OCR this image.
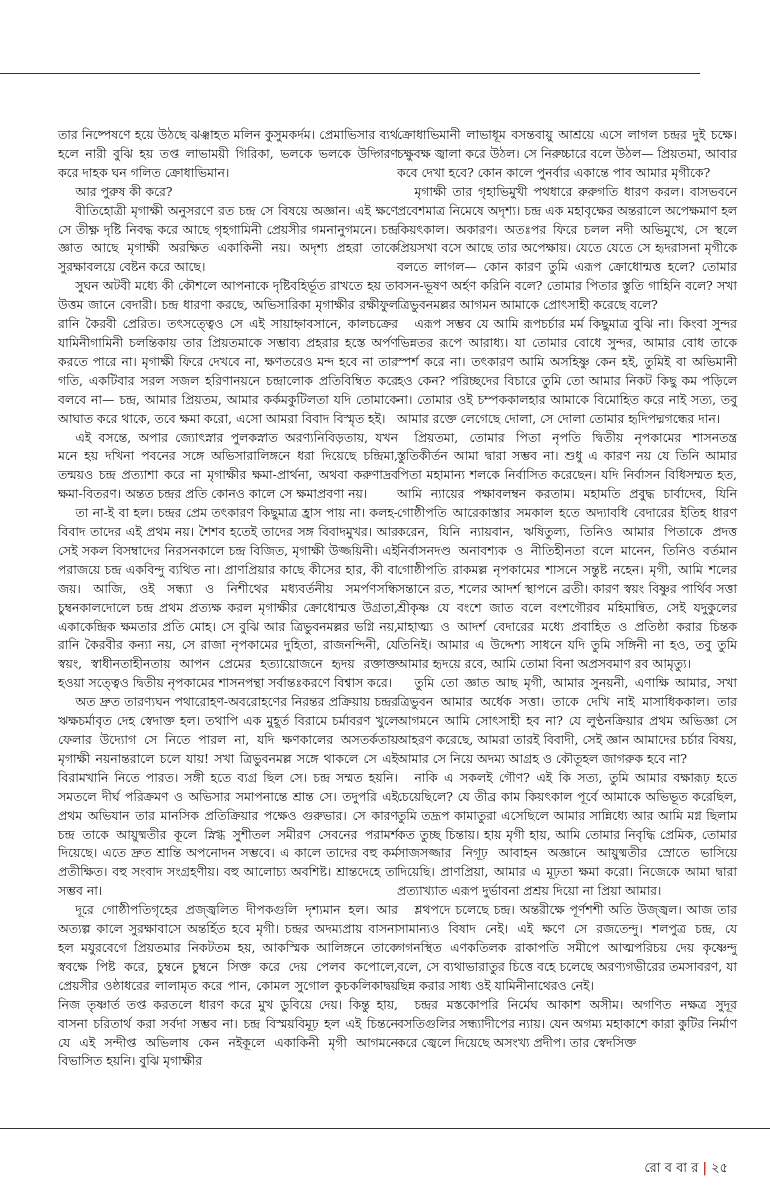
তার নিষ্পেষণে হয়ে উঠছে ঝঞ্ঝাহত মলিন কুসুমকর্দম। প্রেমাভিসার ব্যর্থ হলে নারী বুঝি হয় তপ্ত লাভাময়ী গিরিকা, ভলকে ভলকে উদ্গিরণ করে দাহক ঘন গলিত ক্রোধাভিমান।

আর পুরুষ কী করে?

বীতিহোত্রী মৃগাক্ষী অনুসরণে রত চন্দ্র সে বিষয়ে অজ্ঞান। এই ক্ষণে সে তীক্ষ্ণ দৃষ্টি নিবদ্ধ করে আছে গৃহগামিনী প্রেয়সীর গমনানুগমনে। চন্দ্র জ্ঞাত আছে মৃগাক্ষী অরক্ষিত একাকিনী নয়। অদৃশ্য প্রহরা তাকে সুরক্ষাবলয়ে বেষ্টন করে আছে।

সুঘন অটবী মধ্যে কী কৌশলে আপনাকে দৃষ্টিবহির্ভূত রাখতে হয় তা উত্তম জানে বেদারী। চন্দ্র ধারণা করছে, অভিসারিকা মৃগাক্ষীর রক্ষীফুল রানি কৈরবী প্রেরিত। তৎসত্ত্বেও সে এই সায়াহ্নাবসানে, কালচক্রের যামিনীগামিনী চলন্তিকায় তার প্রিয়তমাকে সম্ভাব্য প্রহরার হস্তে অর্পণ করতে পারে না। মৃগাক্ষী ফিরে দেখবে না, ক্ষণতরেও মন্দ হবে না তার গতি, একটিবার সরল সজল হরিণানয়নে চন্দ্রালোক প্রতিবিম্বিত করে বলবে না— চন্দ্র, আমার প্রিয়তম, আমার কর্কমকুটিলতা যদি তোমাকে আঘাত করে থাকে, তবে ক্ষমা করো, এসো আমরা বিবাদ বিস্মৃত হই।

এই বসন্তে, অপার জ্যোৎস্নার পুলকস্নাত অরণ্যনিবিড়তায়, যখন মনে হয় দখিনা পবনের সঙ্গে অভিসারালিঙ্গনে ধরা দিয়েছে চন্দ্রিমা, তন্ময়ও চন্দ্র প্রত্যাশা করে না মৃগাক্ষীর ক্ষমা-প্রার্থনা, অথবা করুণাদ্রব ক্ষমা-বিতরণ। অন্তত চন্দ্রর প্রতি কোনও কালে সে ক্ষমাপ্রবণা নয়।

তা না-ই বা হল। চন্দ্রর প্রেম তৎকারণ কিছুমাত্র হ্রাস পায় না। কলহ-বিবাদ তাদের এই প্রথম নয়। শৈশব হতেই তাদের সঙ্গ বিবাদমুখর। আর সেই সকল বিসম্বাদের নিরসনকালে চন্দ্র বিজিত, মৃগাক্ষী উজ্জয়িনী। এই পরাজয়ে চন্দ্র একবিন্দু ব্যথিত না। প্রাণপ্রিয়ার কাছে কীসের হার, কী বা জয়। আজি, ওই সন্ধ্যা ও নিশীথের মধ্যবর্তনীয় সমর্পণসন্ধি চুম্বনকালদোলে চন্দ্র প্রথম প্রত্যক্ষ করল মৃগাক্ষীর ক্রোধোন্মত্ত উগ্রতা, একাকেন্দ্রিক ক্ষমতার প্রতি মোহ। সে বুঝি আর ত্রিভুবনমল্লর ভগ্নি নয়, রানি কৈরবীর কন্যা নয়, সে রাজা নৃপকামের দুহিতা, রাজনন্দিনী, যে স্বয়ং, স্বাধীনতাহীনতায় আপন প্রেমের হত্যায়োজনে হৃদয় রক্তাক্ত হওয়া সত্ত্বেও দ্বিতীয় নৃপকামের শাসনপন্থা সর্বান্তঃকরণে বিশ্বাস করে।

অত দ্রুত তারণ্যঘন পথারোহণ-অবরোহণের নিরন্তর প্রক্রিয়ায় চন্দ্রর ঋক্ষচর্মাবৃত দেহ স্বেদাক্ত হল। তথাপি এক মুহূর্ত বিরামে চর্মাবরণ খুলে ফেলার উদ্যোগ সে নিতে পারল না, যদি ক্ষণকালের অসতর্কতায় মৃগাক্ষী নয়নান্তরালে চলে যায়! সখা ত্রিভুবনমল্ল সঙ্গে থাকলে সে এই বিরামখানি নিতে পারত। সঙ্গী হতে ব্যগ্র ছিল সে। চন্দ্র সম্মত হয়নি। সমতলে দীর্ঘ পরিক্রমণ ও অভিসার সমাপনান্তে শ্রান্ত সে। তদুপরি এই প্রথম অভিযান তার মানসিক প্রতিক্রিয়ার পক্ষেও গুরুভার। সে কারণ চন্দ্র তাকে আয়ুষ্মতীর কূলে স্নিগ্ধ সুশীতল সমীরণ সেবনের পরামর্শ দিয়েছে। এতে দ্রুত শ্রান্তি অপনোদন সম্ভবে। এ কালে তাদের বহু কর্ম প্রতীক্ষিত। বহু সংবাদ সংগ্রহণীয়। বহু আলোচ্য অবশিষ্ট। শ্রান্তদেহে তা সম্ভব না।

দূরে গোষ্ঠীপতিগৃহের প্রজ্জ্বলিত দীপকগুলি দৃশ্যমান হল। আর অত্যল্প কালে সুরক্ষাবাসে অন্তর্হিত হবে মৃগী। চন্দ্রর অদম্যপ্রায় বাসনা হল মযুরবেগে প্রিয়তমার নিকটতম হয়, আকস্মিক আলিঙ্গনে তাকে স্ববক্ষে পিষ্ট করে, চুম্বনে চুম্বনে সিক্ত করে দেয় পেলব কপোলে, প্রেয়সীর ওষ্ঠাধরের লালামৃত করে পান, কোমল সুগোল কুচকলিকাদ্বয় নিজ তৃষ্ণার্ত তপ্ত করতলে ধারণ করে মুখ ডুবিয়ে দেয়। কিন্তু হায়, বাসনা চরিতার্থ করা সর্বদা সম্ভব না। চন্দ্র বিস্ময়বিমূঢ় হল এই চিন্তনে যে এই সন্দীপ্ত অভিলাষ কেন নইকূলে একাকিনী মৃগী আগমনে বিভাসিত হয়নি। বুঝি মৃগাক্ষীর

ক্রোধাভিমানী লাভাধূম বসন্তবায়ু আশ্রয়ে এসে লাগল চন্দ্রর দুই চক্ষে। চক্ষুবক্ষ জ্বালা করে উঠল। সে নিরুচ্চারে বলে উঠল— প্রিয়তমা, আবার কবে দেখা হবে? কোন কালে পুনর্বার একান্তে পাব আমার মৃগীকে?

মৃগাক্ষী তার গৃহাভিমুখী পথধারে রুরুগতি ধারণ করল। বাসভবনে প্রবেশমাত্র নিমেষে অদৃশ্য। চন্দ্র এক মহাবৃক্ষের অন্তরালে অপেক্ষমাণ হল কিয়ৎকাল। অকারণ। অতঃপর ফিরে চলল নদী অভিমুখে, সে স্থলে প্রিয়সখা বসে আছে তার অপেক্ষায়। যেতে যেতে সে হৃদরাসনা মৃগীকে বলতে লাগল— কোন কারণ তুমি এরূপ ক্রোধোন্মত্ত হলে? তোমার বসন-ভূষণ অর্হণ করিনি বলে? তোমার পিতার স্তুতি গাহিনি বলে? সখা ত্রিভুবনমল্লর আগমন আমাকে প্রোৎসাহী করেছে বলে?

এরূপ সম্ভব যে আমি রূপচর্চার মর্ম কিছুমাত্র বুঝি না। কিংবা সুন্দর ভিন্নতর রূপে আরাধ্য। যা তোমার বোধে সুন্দর, আমার বোধ তাকে স্পর্শ করে না। তৎকারণ আমি অসহিষ্ণু কেন হই, তুমিই বা অভিমানী হও কেন? পরিচ্ছদের বিচারে তুমি তো আমার নিকট কিছু কম পড়িলে না। তোমার ওই চম্পককালহার আমাকে বিমোহিত করে নাই সত্য, তবু আমার রক্তে লেগেছে দোলা, সে দোলা তোমার হৃদিপদ্মগন্ধের দান।

প্রিয়তমা, তোমার পিতা নৃপতি দ্বিতীয় নৃপকামের শাসনতন্ত্র স্তুতিকীর্তন আমা দ্বারা সম্ভব না। শুধু এ কারণ নয় যে তিনি আমার পিতা মহামান্য শলকে নির্বাসিত করেছেন। যদি নির্বাসন বিধিসম্মত হত, আমি ন্যায়ের পক্ষাবলম্বন করতাম। মহামতি প্রবুদ্ধ চার্বাদেব, যিনি গোষ্ঠীপতি আরেকাস্তার সমকাল হতে অদ্যাবধি বেদারের ইতিহ ধারণ করেন, যিনি ন্যায়বান, ঋষিতুল্য, তিনিও আমার পিতাকে প্রদত্ত নির্বাসনদণ্ড অনাবশ্যক ও নীতিহীনতা বলে মানেন, তিনিও বর্তমান গোষ্ঠীপতি রাকমল্ল নৃপকামের শাসনে সন্তুষ্ট নহেন। মৃগী, আমি শলের সন্তানে রত, শলের আদর্শ স্থাপনে ব্রতী। কারণ স্বয়ং বিষ্ণুর পার্থিব সত্তা শ্রীকৃষ্ণ যে বংশে জাত বলে বংশগৌরব মহিমান্বিত, সেই যদুকুলের মাহাত্ম্য ও আদর্শ বেদারের মধ্যে প্রবাহিত ও প্রতিষ্ঠা করার চিন্তক তিনিই। আমার এ উদ্দেশ্য সাধনে যদি তুমি সঙ্গিনী না হও, তবু তুমি আমার হৃদয়ে রবে, আমি তোমা বিনা অপ্রসবমাণ রব আমৃত্যু।

তুমি তো জ্ঞাত আছ মৃগী, আমার সুনয়নী, এণাক্ষি আমার, সখা ত্রিভুবন আমার অর্ধেক সত্তা। তাকে দেখি নাই মাসাধিককাল। তার আগমনে আমি সোৎসাহী হব না? যে লুণ্ঠনক্রিয়ার প্রথম অভিজ্ঞা সে আহরণ করেছে, আমরা তারই বিবাদী, সেই জ্ঞান আমাদের চর্চার বিষয়, আমার সে নিয়ে অদম্য আগ্রহ ও কৌতূহল জাগরুক হবে না?

নাকি এ সকলই গৌণ? এই কি সত্য, তুমি আমার বক্ষারূঢ় হতে চেয়েছিলে? যে তীব্র কাম কিয়ৎকাল পূর্বে আমাকে অভিভূত করেছিল, তুমি তদ্রূপ কামাতুরা এসেছিলে আমার সান্নিধ্যে আর আমি মগ্ন ছিলাম কত তুচ্ছ চিন্তায়। হায় মৃগী হায়, আমি তোমার নিবৃদ্ধি প্রেমিক, তোমার সাজসজ্জার নিগূঢ় আবাহন অজ্ঞানে আয়ুষ্মতীর স্রোতে ভাসিয়ে দিয়েছি। প্রাণপ্রিয়া, আমার এ মূঢ়তা ক্ষমা করো। নিজেকে আমা দ্বারা প্রত্যাখ্যাত এরূপ দুর্ভাবনা প্রশ্রয় দিয়ো না প্রিয়া আমার।

শ্লথপদে চলেছে চন্দ্র। অন্তরীক্ষে পূর্ণশশী অতি উজ্জ্বল। আজ তার সামান্যও বিষাদ নেই। এই ক্ষণে সে রজতেন্দু। শলপুত্র চন্দ্র, যে গগনস্থিত এণকতিলক রাকাপতি সমীপে আত্মপরিচয় দেয় কৃষ্ণেন্দু বলে, সে ব্যথাভারাতুর চিত্তে বহে চলেছে অরণ্যগভীরের তমসাবরণ, যা ছিন্ন করার সাধ্য ওই যামিনীনাথেরও নেই।

চন্দ্রর মস্তকোপরি নির্মেঘ আকাশ অসীম। অগণিত নক্ষত্র সুদূর বসতিগুলির সন্ধ্যাদীপের ন্যায়। যেন অগম্য মহাকাশে কারা কুটির নির্মাণ করে জ্বেলে দিয়েছে অসংখ্য প্রদীপ। তার স্বেদসিক্ত

রো ব বা র | ২৫
